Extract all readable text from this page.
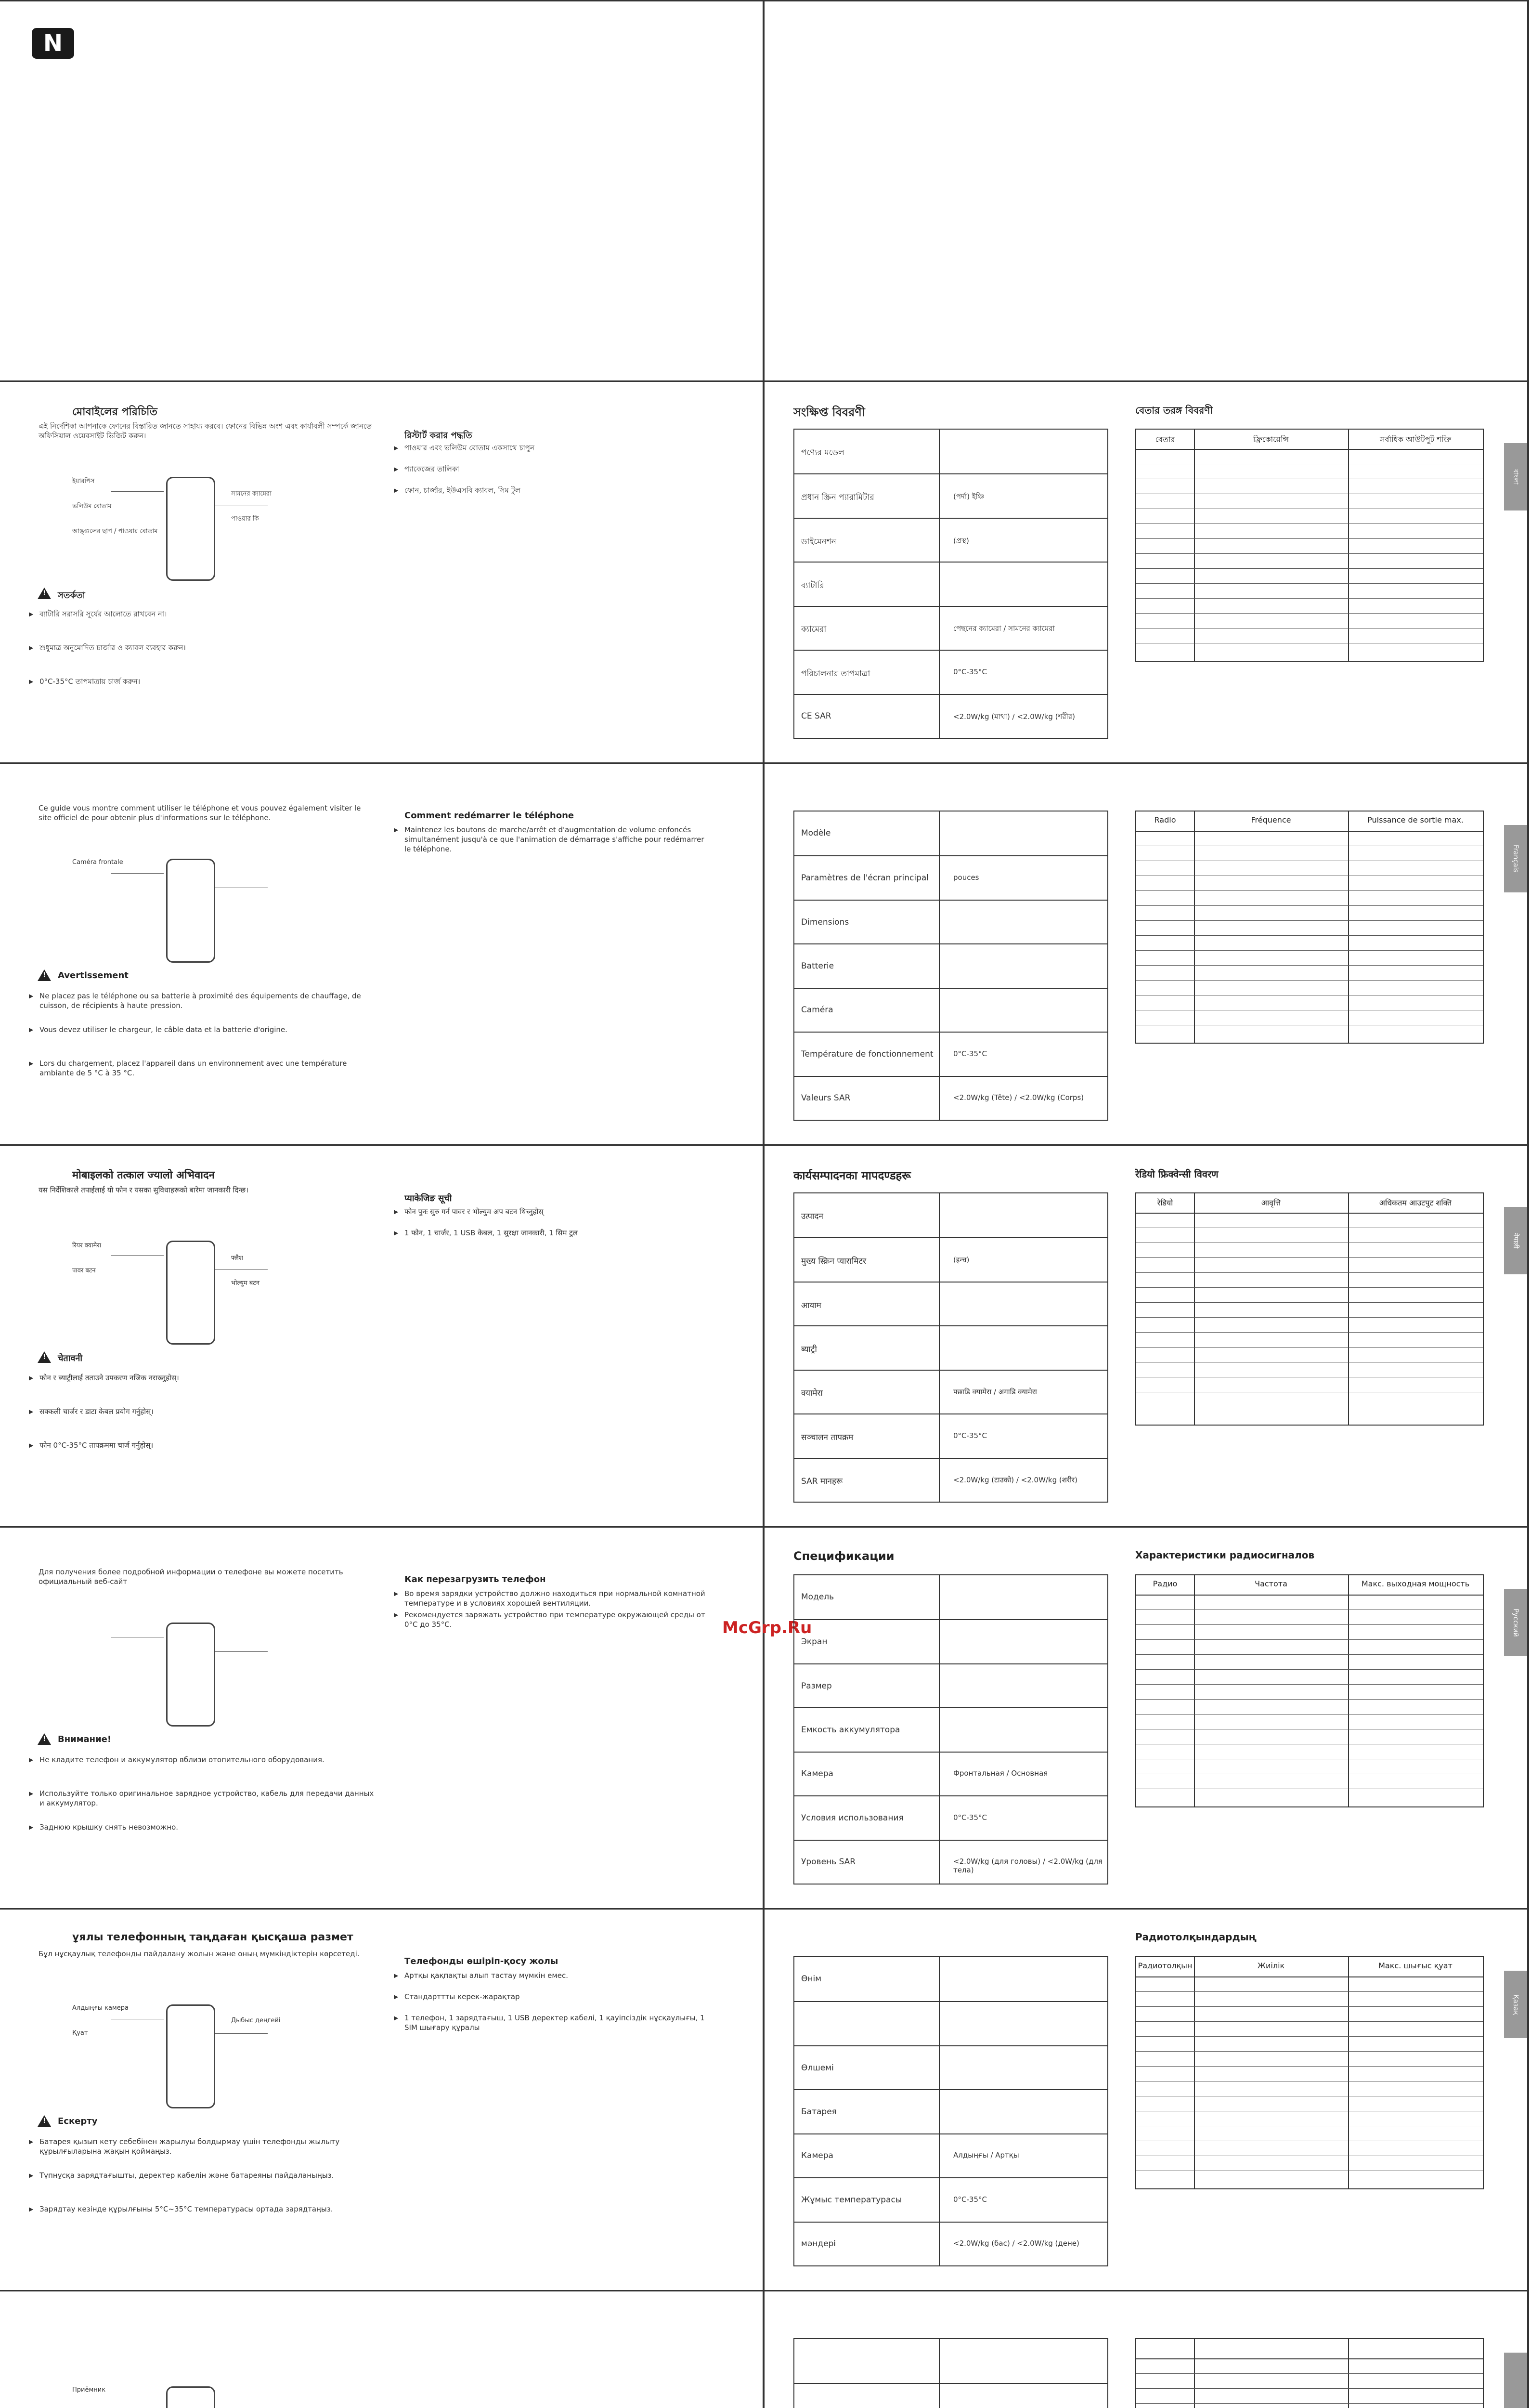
N
McGrp.Ru
মোবাইলের পরিচিতি
এই নির্দেশিকা আপনাকে ফোনের বিস্তারিত জানতে সাহায্য করবে। ফোনের বিভিন্ন অংশ এবং কার্যাবলী সম্পর্কে জানতে অফিসিয়াল ওয়েবসাইট ভিজিট করুন।
ইয়ারপিস
সামনের ক্যামেরা
ভলিউম বোতাম
পাওয়ার কি
আঙ্গুলের ছাপ / পাওয়ার বোতাম
!
সতর্কতা
▶ ব্যাটারি সরাসরি সূর্যের আলোতে রাখবেন না।
▶ শুধুমাত্র অনুমোদিত চার্জার ও ক্যাবল ব্যবহার করুন।
▶ 0°C-35°C তাপমাত্রায় চার্জ করুন।
রিস্টার্ট করার পদ্ধতি
▶ পাওয়ার এবং ভলিউম বোতাম একসাথে চাপুন
▶ প্যাকেজের তালিকা
▶ ফোন, চার্জার, ইউএসবি ক্যাবল, সিম টুল
সংক্ষিপ্ত বিবরণী	বেতার তরঙ্গ বিবরণী
পণ্যের মডেল
প্রধান স্ক্রিন প্যারামিটার	(পর্দা) ইঞ্চি
ডাইমেনশন	(প্রস্থ)
ব্যাটারি
ক্যামেরা	পেছনের ক্যামেরা / সামনের ক্যামেরা
পরিচালনার তাপমাত্রা	0°C-35°C
CE SAR	<2.0W/kg (মাথা) / <2.0W/kg (শরীর)
বেতার	ফ্রিকোয়েন্সি	সর্বাধিক আউটপুট শক্তি
বাংলা
Ce guide vous montre comment utiliser le téléphone et vous pouvez également visiter le site officiel de pour obtenir plus d'informations sur le téléphone.
Caméra frontale
!
Avertissement
▶ Ne placez pas le téléphone ou sa batterie à proximité des équipements de chauffage, de cuisson, de récipients à haute pression.
▶ Vous devez utiliser le chargeur, le câble data et la batterie d'origine.
▶ Lors du chargement, placez l'appareil dans un environnement avec une température ambiante de 5 °C à 35 °C.
Comment redémarrer le téléphone
▶ Maintenez les boutons de marche/arrêt et d'augmentation de volume enfoncés simultanément jusqu'à ce que l'animation de démarrage s'affiche pour redémarrer le téléphone.
Modèle
Paramètres de l'écran principal	pouces
Dimensions
Batterie
Caméra
Température de fonctionnement	0°C-35°C
Valeurs SAR	<2.0W/kg (Tête) / <2.0W/kg (Corps)
Radio	Fréquence	Puissance de sortie max.
Français
मोबाइलको तत्काल ज्यालो अभिवादन
यस निर्देशिकाले तपाईंलाई यो फोन र यसका सुविधाहरूको बारेमा जानकारी दिन्छ।
रियर क्यामेरा
फ्लैश
पावर बटन
भोल्युम बटन
!
चेतावनी
▶ फोन र ब्याट्रीलाई तताउने उपकरण नजिक नराख्नुहोस्।
▶ सक्कली चार्जर र डाटा केबल प्रयोग गर्नुहोस्।
▶ फोन 0°C-35°C तापक्रममा चार्ज गर्नुहोस्।
प्याकेजिङ सूची
▶ फोन पुनः सुरु गर्न पावर र भोल्युम अप बटन थिच्नुहोस्
▶ 1 फोन, 1 चार्जर, 1 USB केबल, 1 सुरक्षा जानकारी, 1 सिम टुल
कार्यसम्पादनका मापदण्डहरू	रेडियो फ्रिक्वेन्सी विवरण
उत्पादन
मुख्य स्क्रिन प्यारामिटर	(इन्च)
आयाम
ब्याट्री
क्यामेरा	पछाडि क्यामेरा / अगाडि क्यामेरा
सञ्चालन तापक्रम	0°C-35°C
SAR मानहरू	<2.0W/kg (टाउको) / <2.0W/kg (शरीर)
रेडियो	आवृत्ति	अधिकतम आउटपुट शक्ति
नेपाली
Для получения более подробной информации о телефоне вы можете посетить официальный веб-сайт
!
Внимание!
▶ Не кладите телефон и аккумулятор вблизи отопительного оборудования.
▶ Используйте только оригинальное зарядное устройство, кабель для передачи данных и аккумулятор.
▶ Заднюю крышку снять невозможно.
Как перезагрузить телефон
▶ Во время зарядки устройство должно находиться при нормальной комнатной температуре и в условиях хорошей вентиляции.
▶ Рекомендуется заряжать устройство при температуре окружающей среды от 0°C до 35°C.
Спецификации	Характеристики радиосигналов
Модель
Экран
Размер
Емкость аккумулятора
Камера	Фронтальная / Основная
Условия использования	0°C-35°C
Уровень SAR	<2.0W/kg (для головы) / <2.0W/kg (для тела)
Радио	Частота	Макс. выходная мощность
Русский
ұялы телефонның таңдаған қысқаша размет
Бұл нұсқаулық телефонды пайдалану жолын және оның мүмкіндіктерін көрсетеді.
Алдыңғы камера
Дыбыс деңгейі
Қуат
!
Ескерту
▶ Батарея қызып кету себебінен жарылуы болдырмау үшін телефонды жылыту құрылғыларына жақын қоймаңыз.
▶ Түпнұсқа зарядтағышты, деректер кабелін және батареяны пайдаланыңыз.
▶ Зарядтау кезінде құрылғыны 5°C~35°C температурасы ортада зарядтаңыз.
Телефонды өшіріп-қосу жолы
▶ Артқы қақпақты алып тастау мүмкін емес.
▶ Стандарттты керек-жарақтар
▶ 1 телефон, 1 зарядтағыш, 1 USB деректер кабелі, 1 қауіпсіздік нұсқаулығы, 1 SIM шығару құралы
Радиотолқындардың
Өнім
Өлшемі
Батарея
Камера	Алдыңғы / Артқы
Жұмыс температурасы	0°C-35°C
мәндері	<2.0W/kg (бас) / <2.0W/kg (дене)
Радиотолқын	Жиілік	Макс. шығыс қуат
Қазақ
Приёмник
